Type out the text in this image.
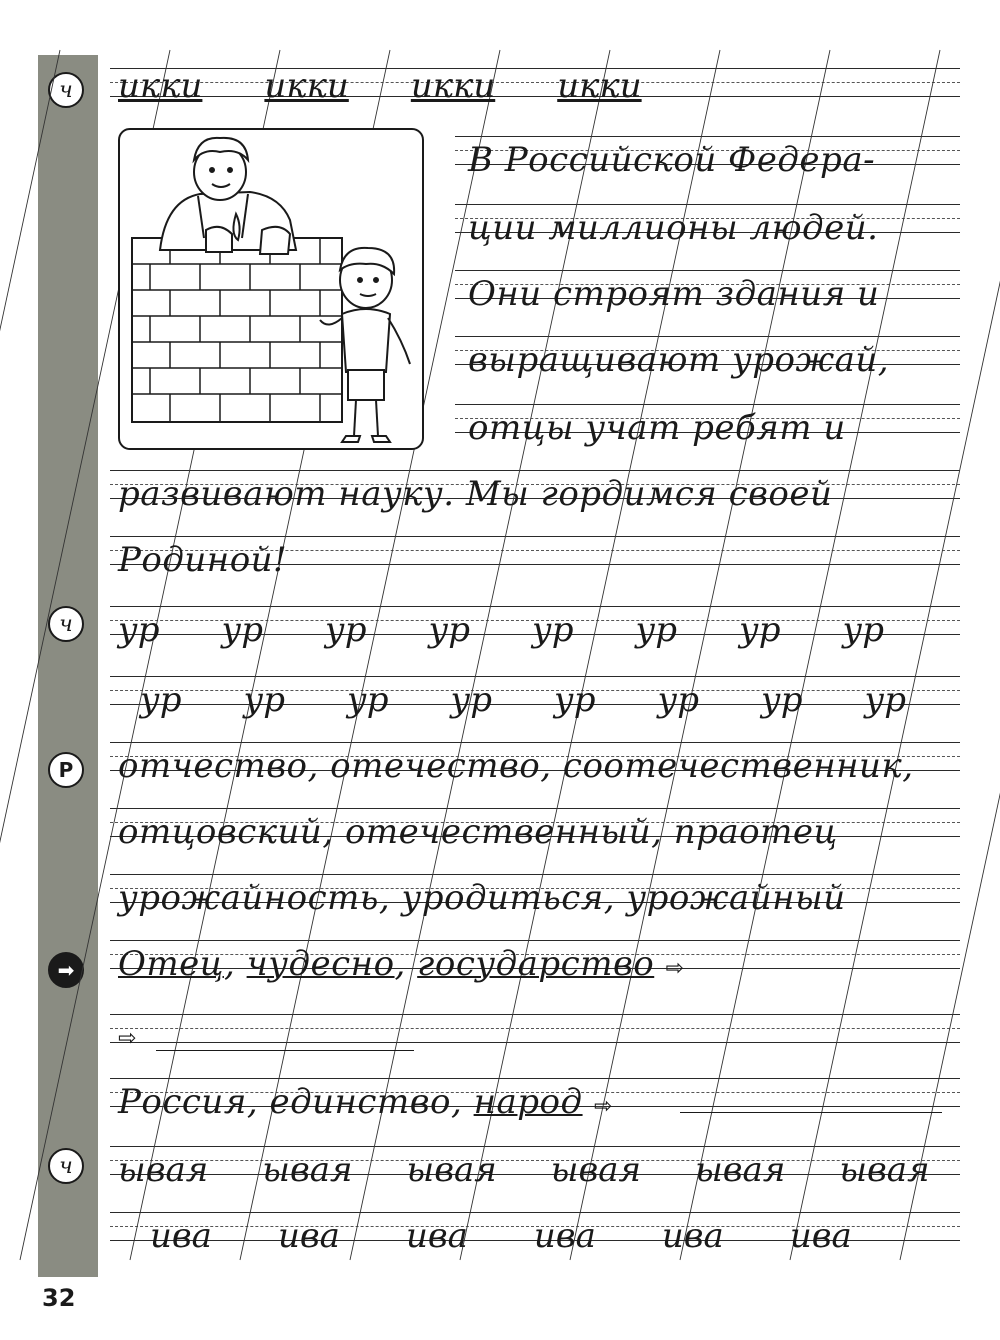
ч
ч
Р
➡
ч
32
икки икки икки икки
В Российской Федера-
ции миллионы людей.
Они строят здания и
выращивают урожай,
отцы учат ребят и
развивают науку. Мы гордимся своей
Родиной!
ур ур ур ур ур ур ур ур
ур ур ур ур ур ур ур ур
отчество, отечество, соотечественник,
отцовский, отечественный, праотец
урожайность, уродиться, урожайный
Отец, чудесно, государство ⇨
⇨
Россия, единство, народ ⇨
ывая ывая ывая ывая ывая ывая
ива ива ива ива ива ива
